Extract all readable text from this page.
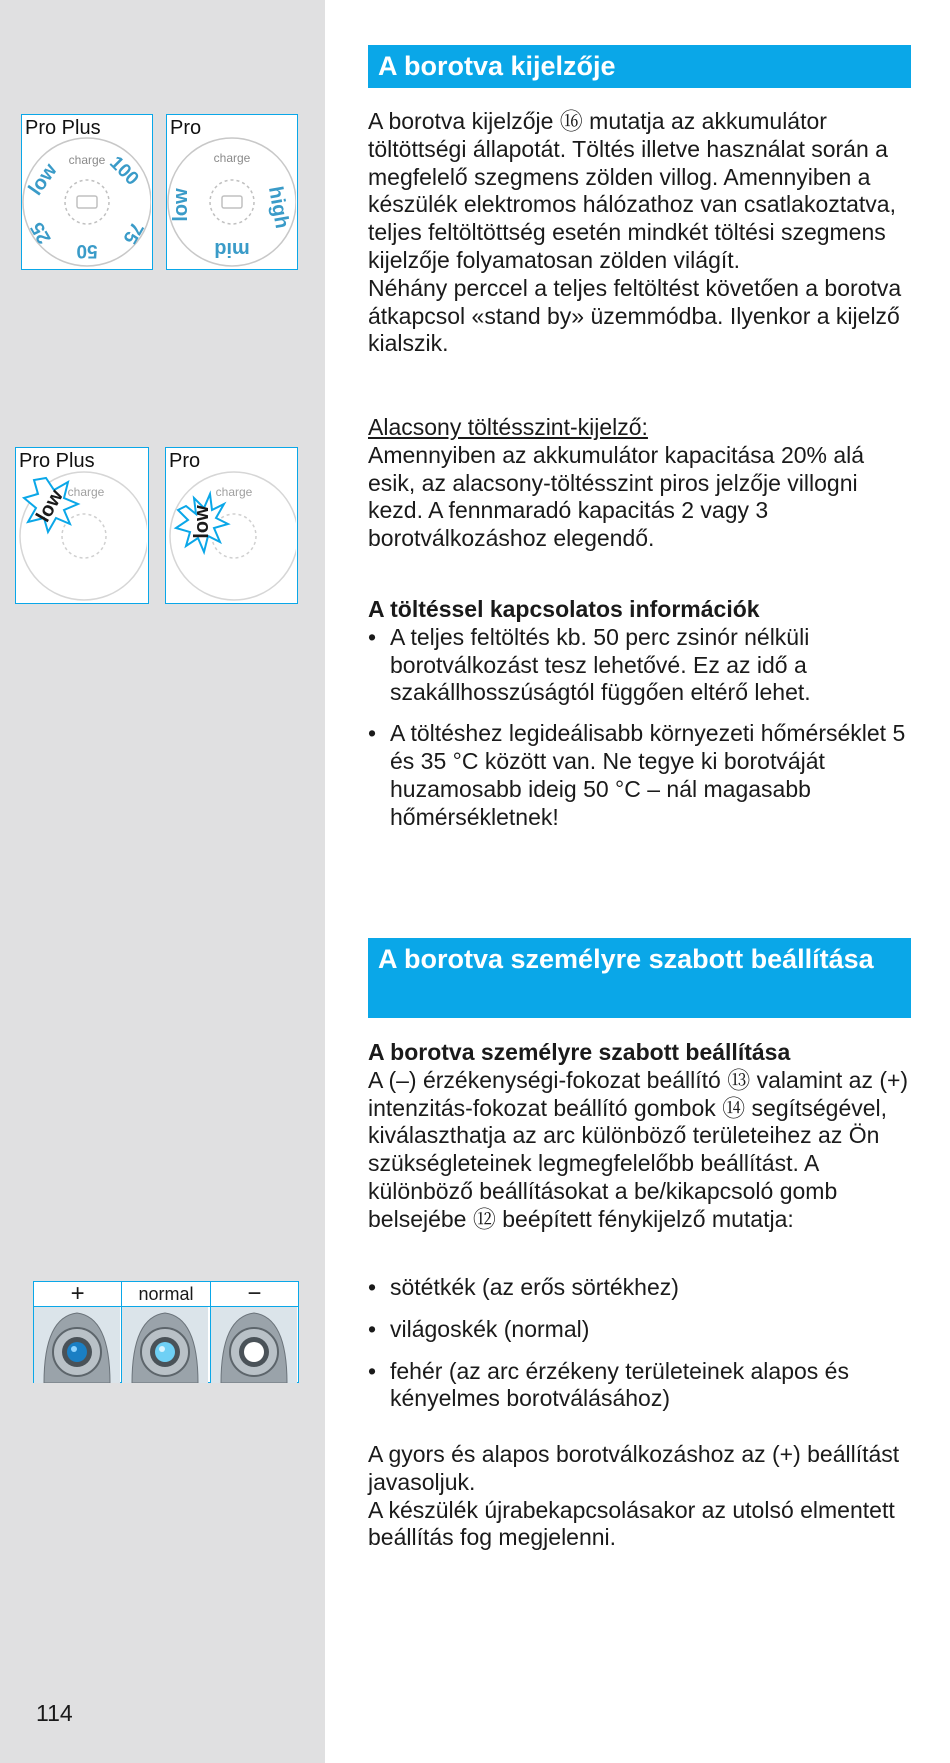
A borotva kijelzője

A borotva kijelzője ⑯ mutatja az akkumulátor töltöttségi állapotát. Töltés illetve használat során a megfelelő szegmens zölden villog. Amennyiben a készülék elektromos hálózathoz van csatlakoztatva, teljes feltöltöttség esetén mindkét töltési szegmens kijelzője folyamatosan zölden világít.

Néhány perccel a teljes feltöltést követően a borotva átkapcsol «stand by» üzemmódba. Ilyenkor a kijelző kialszik.

Alacsony töltésszint-kijelző:

Amennyiben az akkumulátor kapacitása 20% alá esik, az alacsony-töltésszint piros jelzője villogni kezd. A fennmaradó kapacitás 2 vagy 3 borotválkozáshoz elegendő.

A töltéssel kapcsolatos információk

• A teljes feltöltés kb. 50 perc zsinór nélküli borotválkozást tesz lehetővé. Ez az idő a szakállhosszúságtól függően eltérő lehet.
• A töltéshez legideálisabb környezeti hőmérséklet 5 és 35 °C között van. Ne tegye ki borotváját huzamosabb ideig 50 °C – nál magasabb hőmérsékletnek!
A borotva személyre szabott beállítása

A borotva személyre szabott beállítása

A (–) érzékenységi-fokozat beállító ⑬ valamint az (+) intenzitás-fokozat beállító gombok ⑭ segítségével, kiválaszthatja az arc különböző területeihez az Ön szükségleteinek legmegfelelőbb beállítást. A különböző beállításokat a be/kikapcsoló gomb belsejébe ⑫ beépített fénykijelző mutatja:

• sötétkék (az erős sörtékhez)
• világoskék (normal)
• fehér (az arc érzékeny területeinek alapos és kényelmes borotválásához)

A gyors és alapos borotválkozáshoz az (+) beállítást javasoljuk.

A készülék újrabekapcsolásakor az utolsó elmentett beállítás fog megjelenni.

Pro Plus
charge 100
75
50
25
low
Pro
charge
high
mid
low
Pro Plus
charge
low
Pro
charge
low
+	normal	−
114
